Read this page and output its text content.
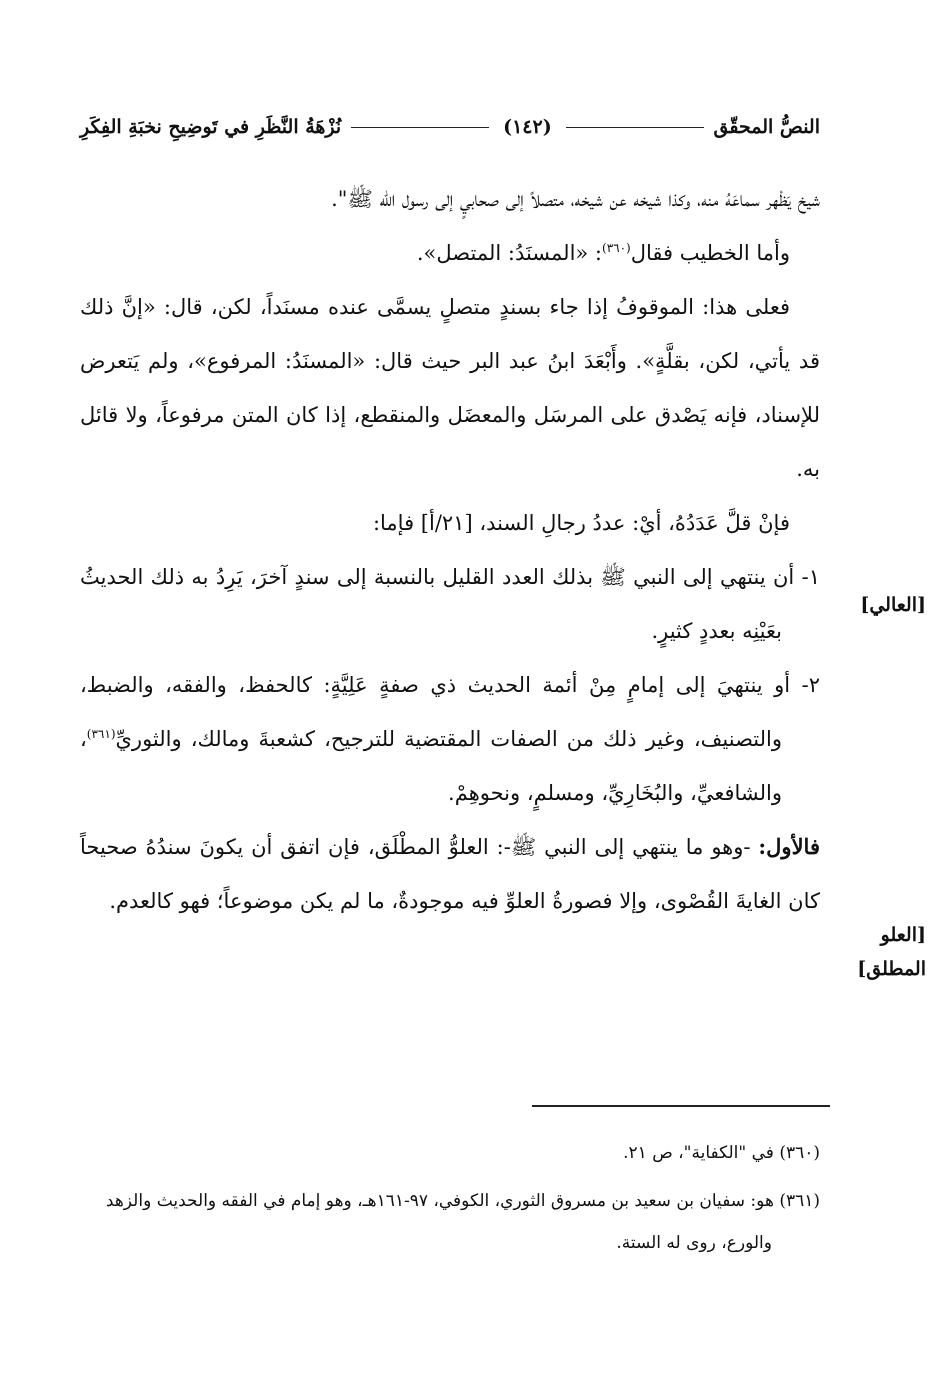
النصُّ المحقّق
(١٤٢)
نُزْهَةُ النَّظَرِ في تَوضِيحِ نخبَةِ الفِكَرِ

شيخ يَظْهر سماعَهُ منه، وكذا شيخه عن شيخه، متصلاً إلى صحابيٍ إلى رسول الله ﷺ".

وأما الخطيب فقال$^{(٣٦٠)}$: «المسنَدُ: المتصل».

فعلى هذا: الموقوفُ إذا جاء بسندٍ متصلٍ يسمَّى عنده مسنَداً، لكن، قال: «إنَّ ذلك قد يأتي، لكن، بقلَّةٍ». وأَبْعَدَ ابنُ عبد البر حيث قال: «المسنَدُ: المرفوع»، ولم يَتعرض للإسناد، فإنه يَصْدق على المرسَل والمعضَل والمنقطع، إذا كان المتن مرفوعاً، ولا قائل به.

فإنْ قلَّ عَدَدُهُ، أيْ: عددُ رجالِ السند، [٢١/أ] فإما:

١- أن ينتهي إلى النبي ﷺ بذلك العدد القليل بالنسبة إلى سندٍ آخرَ، يَرِدُ به ذلك الحديثُ بعَيْنِه بعددٍ كثيرٍ.

٢- أو ينتهيَ إلى إمامٍ مِنْ أئمة الحديث ذي صفةٍ عَلِيَّةٍ: كالحفظ، والفقه، والضبط، والتصنيف، وغير ذلك من الصفات المقتضية للترجيح، كشعبةَ ومالك، والثوريِّ$^{(٣٦١)}$، والشافعيِّ، والبُخَارِيِّ، ومسلمٍ، ونحوهِمْ.

فالأول: -وهو ما ينتهي إلى النبي ﷺ-: العلوُّ المطْلَق، فإن اتفق أن يكونَ سندُهُ صحيحاً كان الغايةَ القُصْوى، وإلا فصورةُ العلوِّ فيه موجودةٌ، ما لم يكن موضوعاً؛ فهو كالعدم.

[العالي]
[العلو المطلق]

(٣٦٠) في "الكفاية"، ص ٢١.

(٣٦١) هو: سفيان بن سعيد بن مسروق الثوري، الكوفي، ٩٧-١٦١هـ، وهو إمام في الفقه والحديث والزهد والورع، روى له الستة.
